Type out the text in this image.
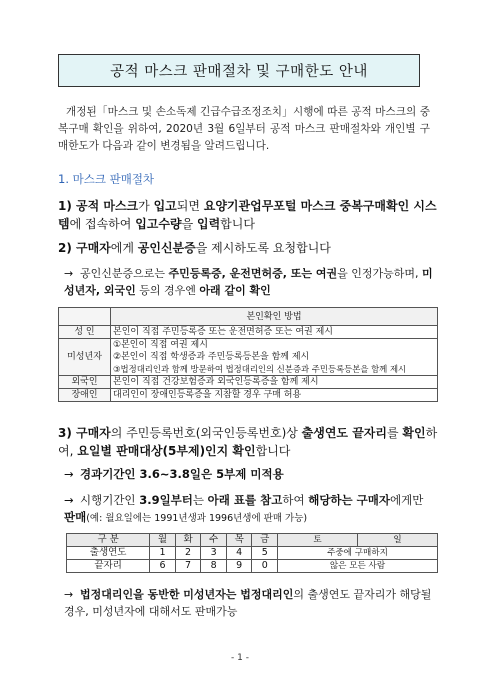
공적 마스크 판매절차 및 구매한도 안내
개정된「마스크 및 손소독제 긴급수급조정조치」시행에 따른 공적 마스크의 중복구매 확인을 위하여, 2020년 3월 6일부터 공적 마스크 판매절차와 개인별 구매한도가 다음과 같이 변경됨을 알려드립니다.
1. 마스크 판매절차
1) 공적 마스크가 입고되면 요양기관업무포털 마스크 중복구매확인 시스템에 접속하여 입고수량을 입력합니다
2) 구매자에게 공인신분증을 제시하도록 요청합니다
→ 공인신분증으로는 주민등록증, 운전면허증, 또는 여권을 인정가능하며, 미성년자, 외국인 등의 경우엔 아래 같이 확인
	본인확인 방법
성 인	본인이 직접 주민등록증 또는 운전면허증 또는 여권 제시
미성년자	①본인이 직접 여권 제시
②본인이 직접 학생증과 주민등록등본을 함께 제시
③법정대리인과 함께 방문하여 법정대리인의 신분증과 주민등록등본을 함께 제시

외국인	본인이 직접 건강보험증과 외국인등록증을 함께 제시
장애인	대리인이 장애인등록증을 지참할 경우 구매 허용
3) 구매자의 주민등록번호(외국인등록번호)상 출생연도 끝자리를 확인하여, 요일별 판매대상(5부제)인지 확인합니다
→ 경과기간인 3.6~3.8일은 5부제 미적용
→ 시행기간인 3.9일부터는 아래 표를 참고하여 해당하는 구매자에게만 판매(예: 월요일에는 1991년생과 1996년생에 판매 가능)
구 분	월	화	수	목	금	토	일
출생연도	1	2	3	4	5	주중에 구매하지	
끝자리	6	7	8	9	0	않은 모든 사람	
→ 법정대리인을 동반한 미성년자는 법정대리인의 출생연도 끝자리가 해당될 경우, 미성년자에 대해서도 판매가능
- 1 -
